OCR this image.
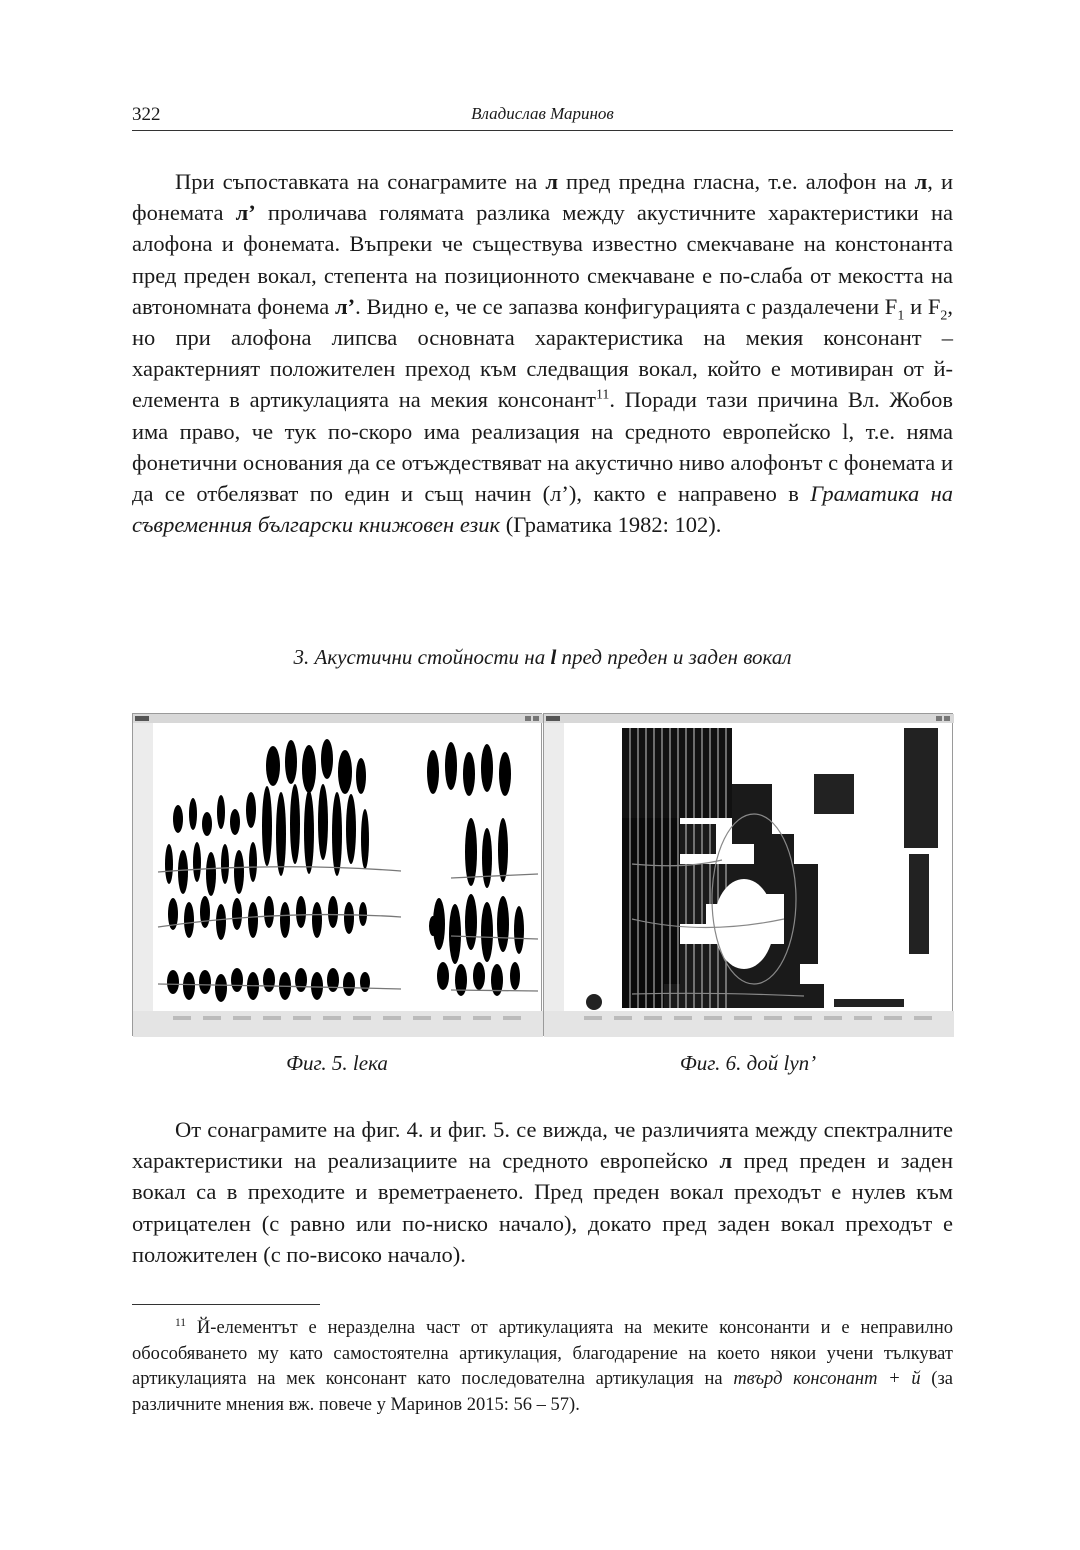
322	Владислав Маринов
При съпоставката на сонаграмите на л пред предна гласна, т.е. алофон на л, и фонемата л’ проличава голямата разлика между акустичните характеристики на алофона и фонемата. Въпреки че съществува известно смекчаване на констонанта пред преден вокал, степента на позиционното смекчаване е по-слаба от мекостта на автономната фонема л’. Видно е, че се запазва конфигурацията с раздалечени $F_1$ и $F_2$, но при алофона липсва основната характеристика на мекия консонант – характерният положителен преход към следващия вокал, който е мотивиран от й-елемента в артикулацията на мекия консонант$^{11}$. Поради тази причина Вл. Жобов има право, че тук по-скоро има реализация на средното европейско l, т.е. няма фонетични основания да се отъждествяват на акустично ниво алофонът с фонемата и да се отбелязват по един и същ начин (л’), както е направено в Граматика на съвременния български книжовен език (Граматика 1982: 102).
3. Акустични стойности на l пред преден и заден вокал
Фиг. 5. lека	Фиг. 6. дой lуп’
От сонаграмите на фиг. 4. и фиг. 5. се вижда, че различията между спектралните характеристики на реализациите на средното европейско л пред преден и заден вокал са в преходите и времетраенето. Пред преден вокал преходът е нулев към отрицателен (с равно или по-ниско начало), докато пред заден вокал преходът е положителен (с по-високо начало).
$^{11}$ Й-елементът е неразделна част от артикулацията на меките консонанти и е неправилно обособяването му като самостоятелна артикулация, благодарение на което някои учени тълкуват артикулацията на мек консонант като последователна артикулация на твърд консонант + й (за различните мнения вж. повече у Маринов 2015: 56 – 57).
